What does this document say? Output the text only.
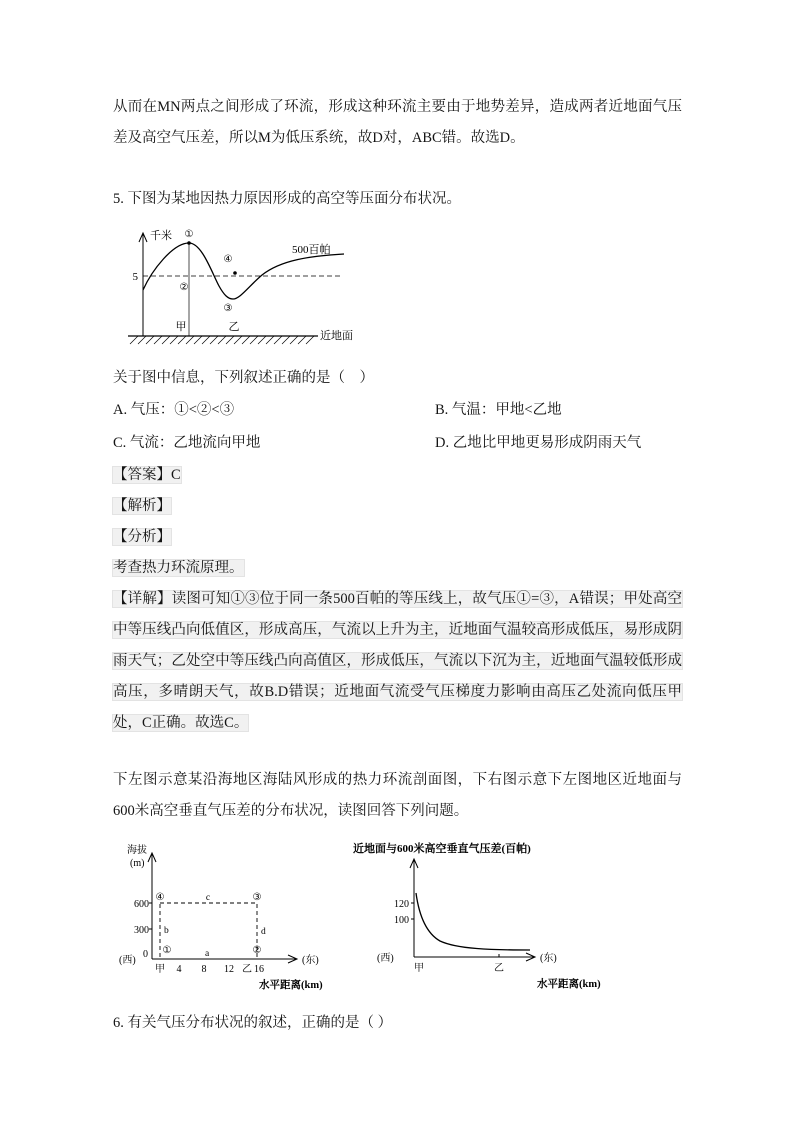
从而在MN两点之间形成了环流，形成这种环流主要由于地势差异，造成两者近地面气压差及高空气压差，所以M为低压系统，故D对，ABC错。故选D。

5. 下图为某地因热力原因形成的高空等压面分布状况。

千米
5
①
②
④
③
500百帕
甲	乙
近地面

关于图中信息，下列叙述正确的是（　）

A. 气压：①<②<③	B. 气温：甲地<乙地
C. 气流：乙地流向甲地	D. 乙地比甲地更易形成阴雨天气

【答案】C

【解析】

【分析】

考查热力环流原理。

【详解】读图可知①③位于同一条500百帕的等压线上，故气压①=③，A错误；甲处高空中等压线凸向低值区，形成高压，气流以上升为主，近地面气温较高形成低压，易形成阴雨天气；乙处空中等压线凸向高值区，形成低压，气流以下沉为主，近地面气温较低形成高压，多晴朗天气，故B.D错误；近地面气流受气压梯度力影响由高压乙处流向低压甲处，C正确。故选C。

下左图示意某沿海地区海陆风形成的热力环流剖面图，下右图示意下左图地区近地面与600米高空垂直气压差的分布状况，读图回答下列问题。

海拔
(m)
600
300
0
④	③
c
b	d
a
①	②
甲 4 8 12 乙 16
(西)	(东)
水平距离(km)
近地面与600米高空垂直气压差(百帕)
120
100
甲	乙
(西)	(东)
水平距离(km)

6. 有关气压分布状况的叙述，正确的是（ ）
